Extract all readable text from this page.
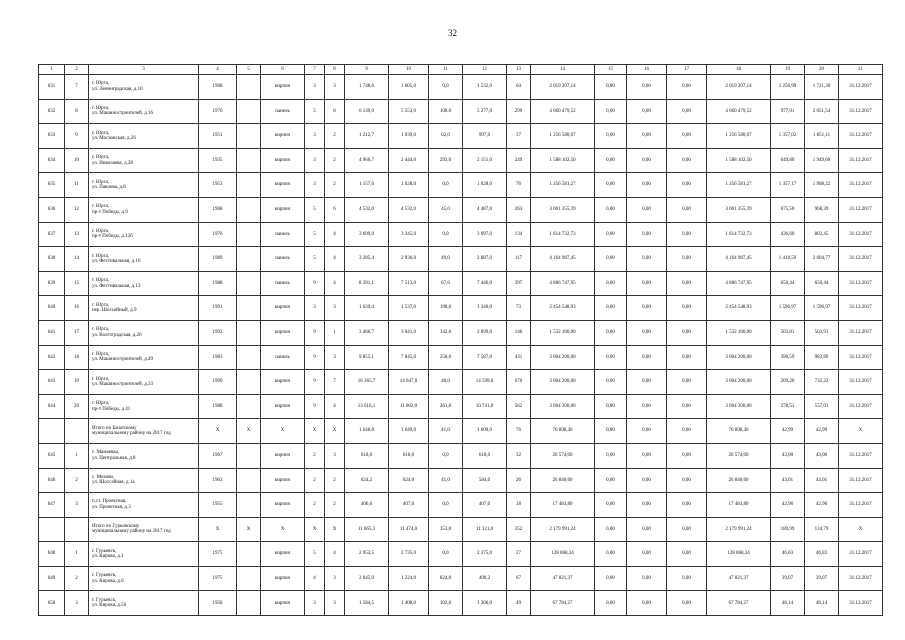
32
1	2	3	4	5	6	7	8	9	10	11	12	13	14	15	16	17	18	19	20	21
631	7	г. Юрга,
ул. Ленинградская, д.10	1968		кирпич	3	3	1 748,6	1 605,0	0,0	1 532,0	64	2 019 207,14	0,00	0,00	0,00	2 019 207,14	1 256,99	1 721,30	31.12.2017
632	8	г. Юрга,
ул. Машиностроителей, д.16	1970		панель	5	8	6 139,0	5 553,0	108,0	5 277,0	299	4 660 479,52	0,00	0,00	0,00	4 660 479,52	977,91	2 051,54	31.12.2017
633	9	г. Юрга,
ул. Московская, д.26	1951		кирпич	3	2	1 212,7	1 039,0	62,0	997,0	37	1 256 580,07	0,00	0,00	0,00	1 256 580,07	1 357,02	1 851,11	31.12.2017
634	10	г. Юрга,
ул. Николаева, д.28	1935		кирпич	3	2	4 966,7	2 444,0	293,0	2 151,0	249	1 588 102,50	0,00	0,00	0,00	1 588 102,50	649,80	1 949,60	31.12.2017
635	11	г. Юрга,
ул. Павлова, д.8	1953		кирпич	3	2	1 157,6	1 028,0	0,0	1 028,0	76	1 256 581,27	0,00	0,00	0,00	1 256 581,27	1 357,17	1 908,22	31.12.2017
636	12	г. Юрга,
пр-т Победы, д.9	1968		кирпич	5	6	4 532,0	4 532,0	45,0	4 487,0	263	3 061 355,39	0,00	0,00	0,00	3 061 355,39	675,50	968,39	31.12.2017
637	13	г. Юрга,
пр-т Победы, д.12б	1976		панель	5	4	3 609,0	3 345,0	0,0	3 097,0	134	1 614 732,73	0,00	0,00	0,00	1 614 732,73	436,60	802,45	31.12.2017
638	14	г. Юрга,
ул. Фестивальная, д.16	1989		панель	5	4	3 285,4	2 936,0	49,0	2 887,0	117	4 164 987,45	0,00	0,00	0,00	4 164 987,45	1 418,59	2 604,77	31.12.2017
639	15	г. Юрга,
ул. Фестивальная, д.13	1988		панель	9	4	8 391,1	7 513,0	67,0	7 446,0	397	4 886 747,95	0,00	0,00	0,00	4 886 747,95	650,44	650,44	31.12.2017
640	16	г. Юрга,
пер. Шоссейный, д.9	1991		кирпич	3	3	1 639,4	1 537,0	198,0	1 340,0	73	2 454 548,93	0,00	0,00	0,00	2 454 548,93	1 596,97	1 596,97	31.12.2017
641	17	г. Юрга,
ул. Волгоградская, д.26	1992		кирпич	9	1	3 466,7	3 041,0	142,0	2 899,0	146	1 532 100,00	0,00	0,00	0,00	1 532 100,00	503,81	503,91	31.12.2017
642	18	г. Юрга,
ул. Машиностроителей, д.49	1983		панель	9	3	9 855,1	7 845,0	258,0	7 587,0	431	3 064 200,00	0,00	0,00	0,00	3 064 200,00	390,59	983,89	31.12.2017
643	19	г. Юрга,
ул. Машиностроителей, д.33	1999		кирпич	9	7	16 365,7	14 647,0	48,0	14 599,0	670	3 064 200,00	0,00	0,00	0,00	3 064 200,00	209,20	732,22	31.12.2017
644	20	г. Юрга,
пр-т Победы, д.41	1988		кирпич	9	4	13 016,1	11 002,0	261,0	10 741,0	562	3 064 200,00	0,00	0,00	0,00	3 064 200,00	278,51	557,01	31.12.2017

		Итого по Бачатскому
муниципальному району на 2017 год	X	X	X	X	X	1 648,8	1 649,0	41,0	1 609,0	76	70 898,40	0,00	0,00	0,00	70 898,40	42,99	42,99	X
645	1	с. Мамаевка,
ул. Центральная, д.8	1967		кирпич	2	3	618,0	618,0	0,0	618,0	32	26 574,00	0,00	0,00	0,00	26 574,00	43,00	43,00	31.12.2017
646	2	с. Мохово,
ул. Шоссейная, д.1а	1963		кирпич	2	2	624,2	624,0	41,0	584,0	26	26 840,60	0,00	0,00	0,00	26 840,60	43,01	43,01	31.12.2017
647	3	п.ст. Проектная,
ул. Проектная, д.3	1955		кирпич	2	2	406,6	407,0	0,0	407,0	18	17 483,80	0,00	0,00	0,00	17 483,80	42,96	42,96	31.12.2017

		Итого по Гурьевскому
муниципальному району на 2017 год	X	X	X	X	X	11 665,3	11 474,0	353,0	11 121,0	352	2 179 991,24	0,00	0,00	0,00	2 179 991,24	189,99	134,79	X
648	1	г. Гурьевск,
ул. Кирова, д.1	1975		кирпич	5	4	2 953,5	2 735,0	0,0	2 375,0	27	128 068,34	0,00	0,00	0,00	128 068,34	46,83	46,83	31.12.2017
649	2	г. Гурьевск,
ул. Кирова, д.6	1975		кирпич	4	3	2 045,9	1 224,0	824,0	400,2	67	47 821,37	0,00	0,00	0,00	47 821,37	39,07	39,07	31.12.2017
650	3	г. Гурьевск,
ул. Кирова, д.50	1958		кирпич	3	3	1 584,5	1 408,0	102,0	1 306,0	49	67 784,27	0,00	0,00	0,00	67 784,27	48,14	48,14	31.12.2017
